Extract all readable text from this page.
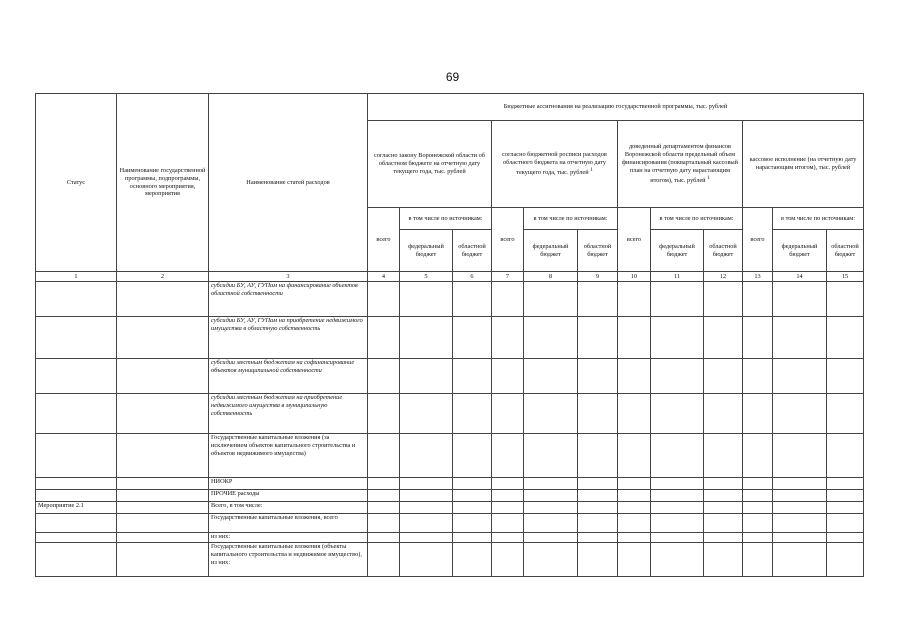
69
Статус	Наименование государственной программы, подпрограммы, основного мероприятия, мероприятия	Наименование статей расходов	Бюджетные ассигнования на реализацию государственной программы, тыс. рублей											
			согласно закону Воронежской области об областном бюджете на отчетную дату текущего года, тыс. рублей			согласно бюджетной росписи расходов областного бюджета на отчетную дату текущего года, тыс. рублей $^1$			доведенный департаментом финансов Воронежской области предельный объем финансирования (поквартальный кассовый план на отчетную дату нарастающим итогом), тыс. рублей $^1$			кассовое исполнение (на отчетную дату нарастающим итогом), тыс. рублей		
			всего	в том числе по источникам:		всего	в том числе по источникам:		всего	в том числе по источникам:		всего	в том числе по источникам:	
				федеральный бюджет	областной бюджет		федеральный бюджет	областной бюджет		федеральный бюджет	областной бюджет		федеральный бюджет	областной бюджет
1	2	3	4	5	6	7	8	9	10	11	12	13	14	15
		субсидии БУ, АУ, ГУПам на финансирование объектов областной собственности												
		субсидии БУ, АУ, ГУПам на приобретение недвижимого имущества в областную собственность												
		субсидии местным бюджетам на софинансирование объектов муниципальной собственности												
		субсидии местным бюджетам на приобретение недвижимого имущества в муниципальную собственность												
		Государственные капитальные вложения (за исключением объектов капитального строительства и объектов недвижимого имущества)												
		НИОКР												
		ПРОЧИЕ расходы												
Мероприятие 2.1		Всего, в том числе:												
		Государственные капитальные вложения, всего												
		из них:												
		Государственные капитальные вложения (объекты капитального строительства и недвижимое имущество), из них:												
